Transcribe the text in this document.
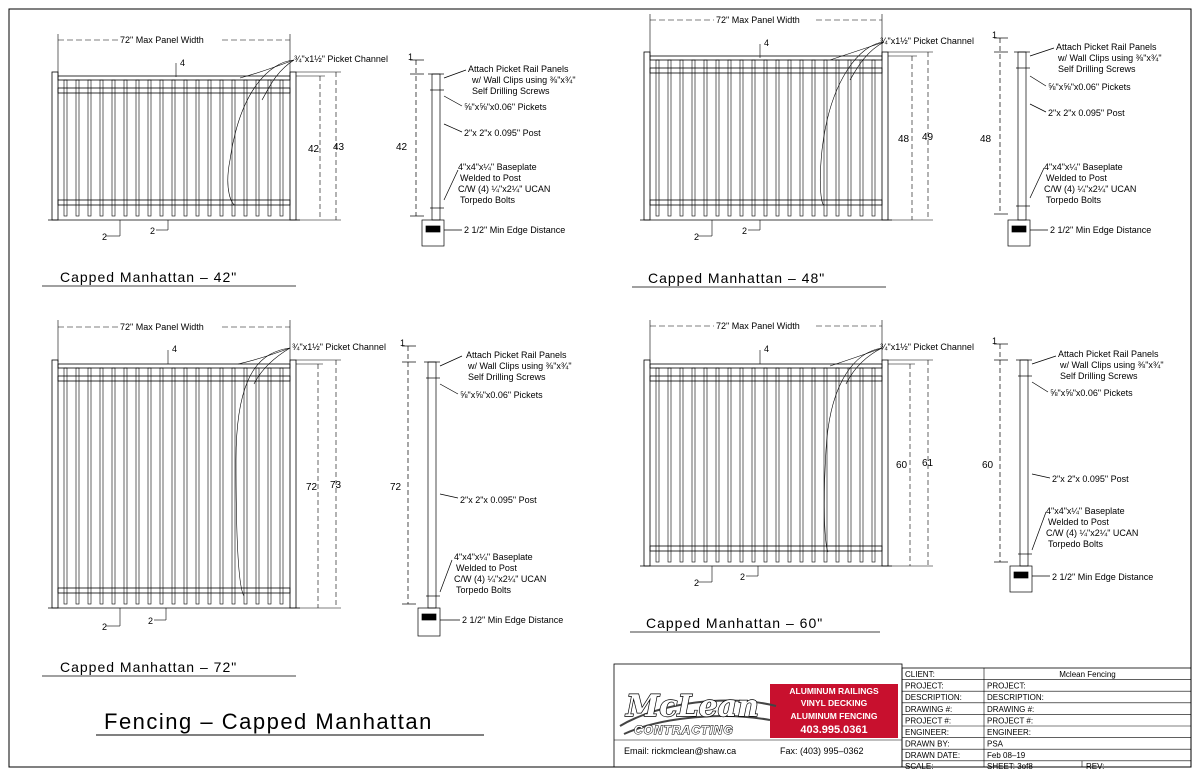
72" Max Panel Width
4	¾"x1½" Picket Channel
42 43
2
2
1
42
Attach Picket Rail Panels
w/ Wall Clips using ⅜"x¾"
Self Drilling Screws
⅝"x⅝"x0.06" Pickets
2"x 2"x 0.095" Post
4"x4"x¼" Baseplate
Welded to Post
C/W (4) ¼"x2¼" UCAN
Torpedo Bolts
2 1/2" Min Edge Distance
Capped Manhattan – 42"
72" Max Panel Width
4	¾"x1½" Picket Channel
48 49
2
2
1
48
Attach Picket Rail Panels
w/ Wall Clips using ⅜"x¾"
Self Drilling Screws
⅝"x⅝"x0.06" Pickets
2"x 2"x 0.095" Post
4"x4"x¼" Baseplate
Welded to Post
C/W (4) ¼"x2¼" UCAN
Torpedo Bolts
2 1/2" Min Edge Distance
Capped Manhattan – 48"
72" Max Panel Width
4	¾"x1½" Picket Channel
72 73
2
2
1
72
Attach Picket Rail Panels
w/ Wall Clips using ⅜"x¾"
Self Drilling Screws
⅝"x⅝"x0.06" Pickets
2"x 2"x 0.095" Post
4"x4"x¼" Baseplate
Welded to Post
C/W (4) ¼"x2¼" UCAN
Torpedo Bolts
2 1/2" Min Edge Distance
Capped Manhattan – 72"
72" Max Panel Width
4	¾"x1½" Picket Channel
60 61
2
2
1
60
Attach Picket Rail Panels
w/ Wall Clips using ⅜"x¾"
Self Drilling Screws
⅝"x⅝"x0.06" Pickets
2"x 2"x 0.095" Post
4"x4"x¼" Baseplate
Welded to Post
C/W (4) ¼"x2¼" UCAN
Torpedo Bolts
2 1/2" Min Edge Distance
Capped Manhattan – 60"
Fencing – Capped Manhattan	McLean
CONTRACTING
ALUMINUM RAILINGS
VINYL DECKING
ALUMINUM FENCING
403.995.0361
Email: rickmclean@shaw.ca	Fax: (403) 995–0362
CLIENT:	Mclean Fencing
PROJECT:	PROJECT:
DESCRIPTION:	DESCRIPTION:
DRAWING #:	DRAWING #:
PROJECT #:	PROJECT #:
ENGINEER:	ENGINEER:
DRAWN BY:	PSA
DRAWN DATE:	Feb 08–19
SCALE:	SHEET: 3of8	REV:
